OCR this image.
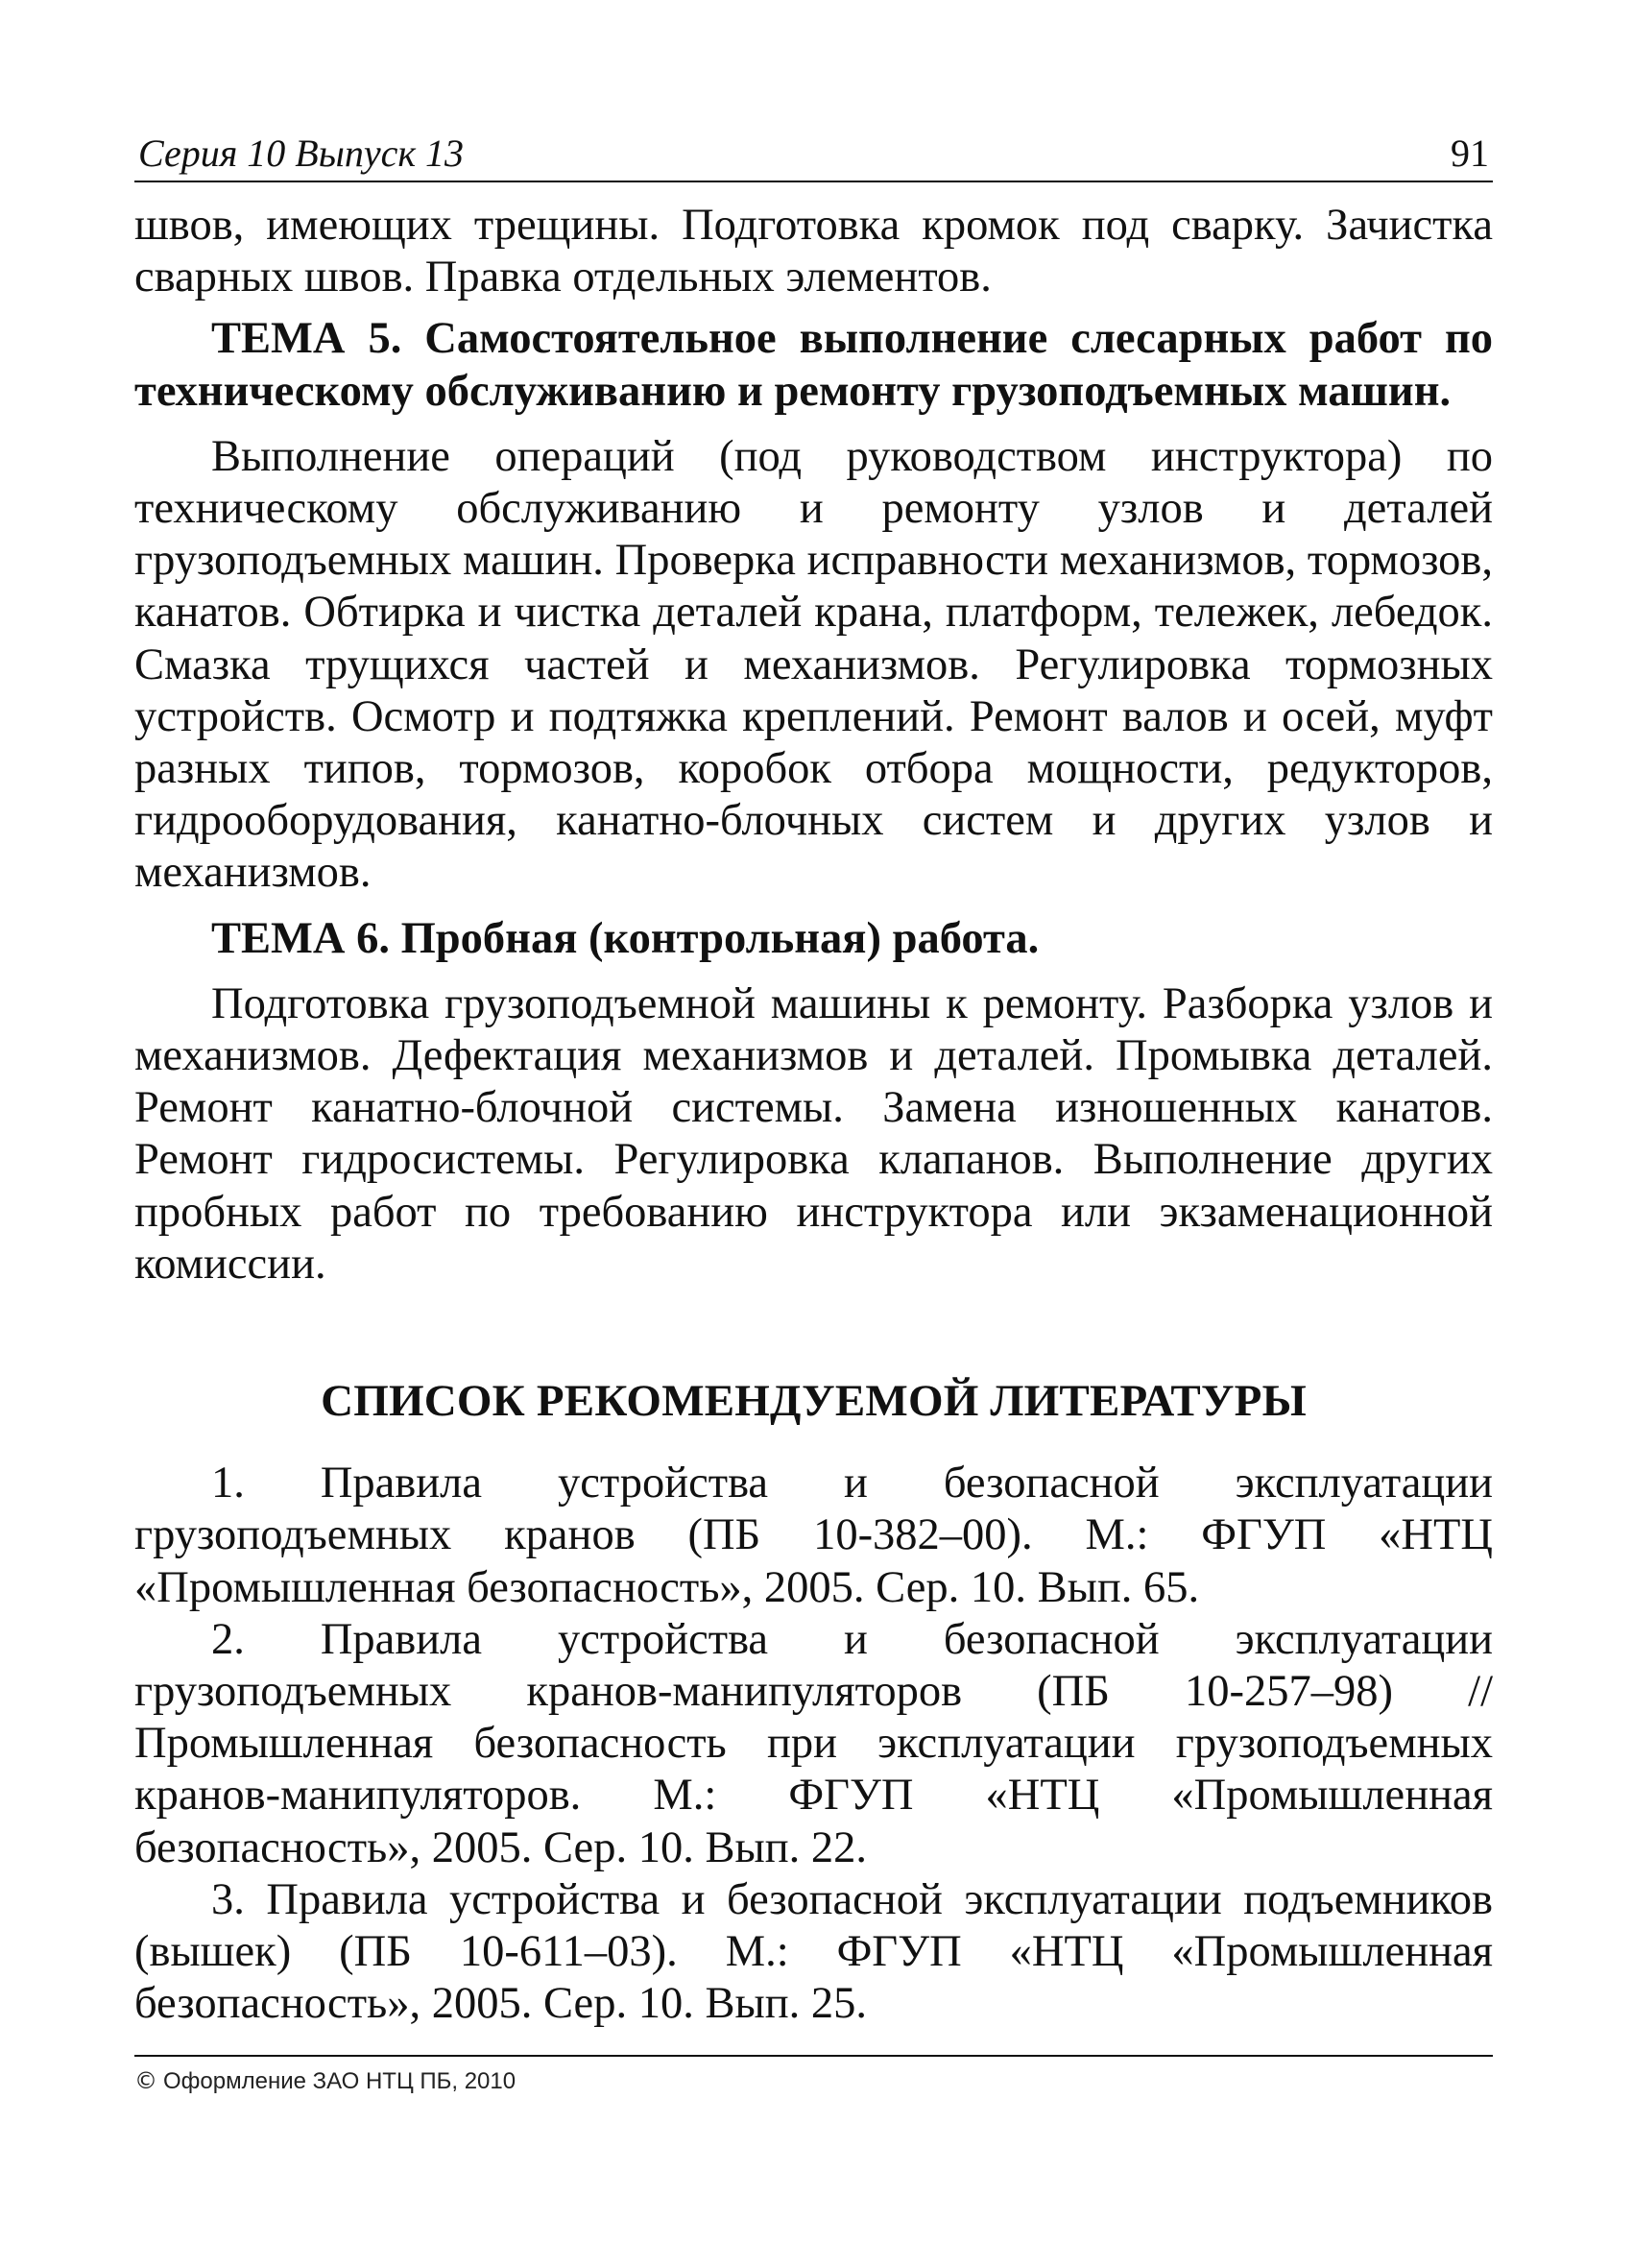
Серия 10 Выпуск 13	91

швов, имеющих трещины. Подготовка кромок под сварку. Зачистка сварных швов. Правка отдельных элементов.

ТЕМА 5. Самостоятельное выполнение слесарных работ по техническому обслуживанию и ремонту грузоподъемных машин.

Выполнение операций (под руководством инструктора) по техническому обслуживанию и ремонту узлов и деталей грузоподъемных машин. Проверка исправности механизмов, тормозов, канатов. Обтирка и чистка деталей крана, платформ, тележек, лебедок. Смазка трущихся частей и механизмов. Регулировка тормозных устройств. Осмотр и подтяжка креплений. Ремонт валов и осей, муфт разных типов, тормозов, коробок отбора мощности, редукторов, гидрооборудования, канатно-блочных систем и других узлов и механизмов.

ТЕМА 6. Пробная (контрольная) работа.

Подготовка грузоподъемной машины к ремонту. Разборка узлов и механизмов. Дефектация механизмов и деталей. Промывка деталей. Ремонт канатно-блочной системы. Замена изношенных канатов. Ремонт гидросистемы. Регулировка клапанов. Выполнение других пробных работ по требованию инструктора или экзаменационной комиссии.

СПИСОК РЕКОМЕНДУЕМОЙ ЛИТЕРАТУРЫ

1. Правила устройства и безопасной эксплуатации грузоподъемных кранов (ПБ 10-382–00). М.: ФГУП «НТЦ «Промышленная безопасность», 2005. Сер. 10. Вып. 65.

2. Правила устройства и безопасной эксплуатации грузоподъемных кранов-манипуляторов (ПБ 10-257–98) // Промышленная безопасность при эксплуатации грузоподъемных кранов-манипуляторов. М.: ФГУП «НТЦ «Промышленная безопасность», 2005. Сер. 10. Вып. 22.

3. Правила устройства и безопасной эксплуатации подъемников (вышек) (ПБ 10-611–03). М.: ФГУП «НТЦ «Промышленная безопасность», 2005. Сер. 10. Вып. 25.

© Оформление ЗАО НТЦ ПБ, 2010
